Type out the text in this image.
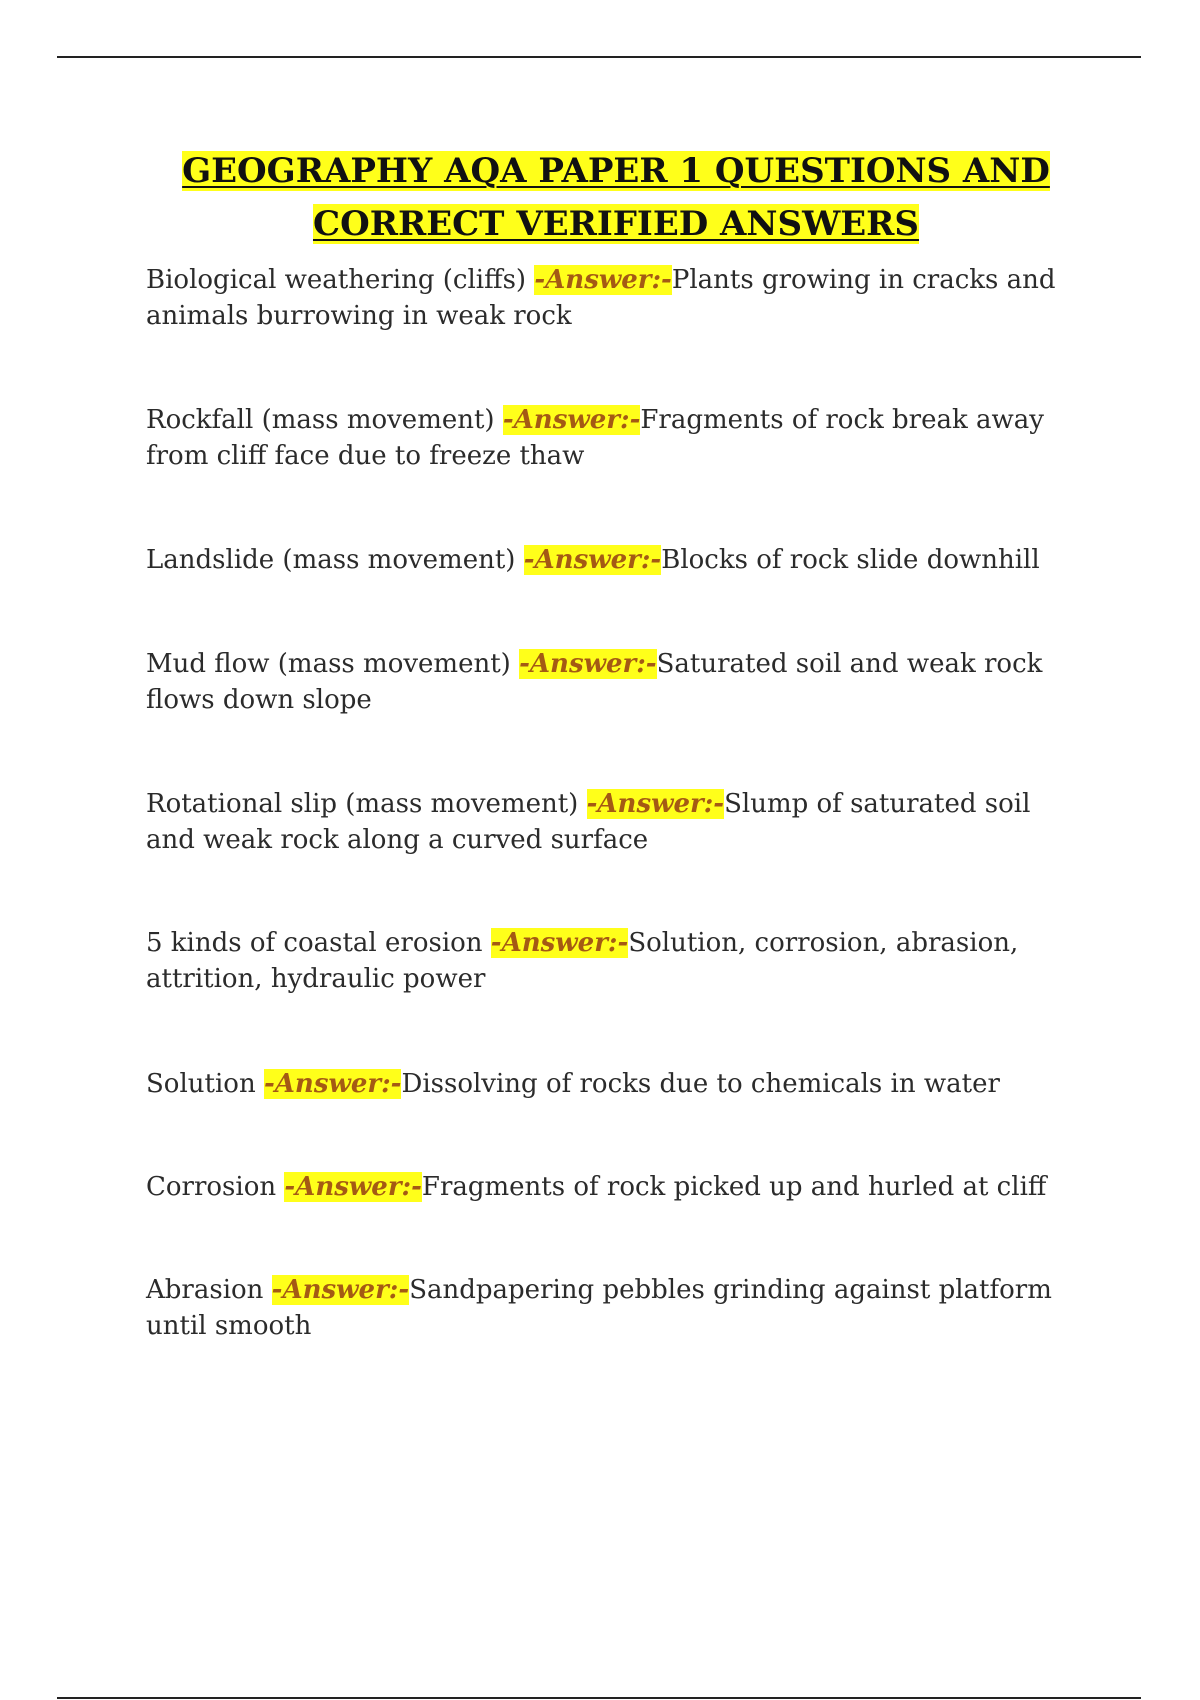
GEOGRAPHY AQA PAPER 1 QUESTIONS AND
CORRECT VERIFIED ANSWERS

Biological weathering (cliffs) -Answer:-Plants growing in cracks and animals burrowing in weak rock

Rockfall (mass movement) -Answer:-Fragments of rock break away from cliff face due to freeze thaw

Landslide (mass movement) -Answer:-Blocks of rock slide downhill

Mud flow (mass movement) -Answer:-Saturated soil and weak rock flows down slope

Rotational slip (mass movement) -Answer:-Slump of saturated soil and weak rock along a curved surface

5 kinds of coastal erosion -Answer:-Solution, corrosion, abrasion, attrition, hydraulic power

Solution -Answer:-Dissolving of rocks due to chemicals in water

Corrosion -Answer:-Fragments of rock picked up and hurled at cliff

Abrasion -Answer:-Sandpapering pebbles grinding against platform until smooth
